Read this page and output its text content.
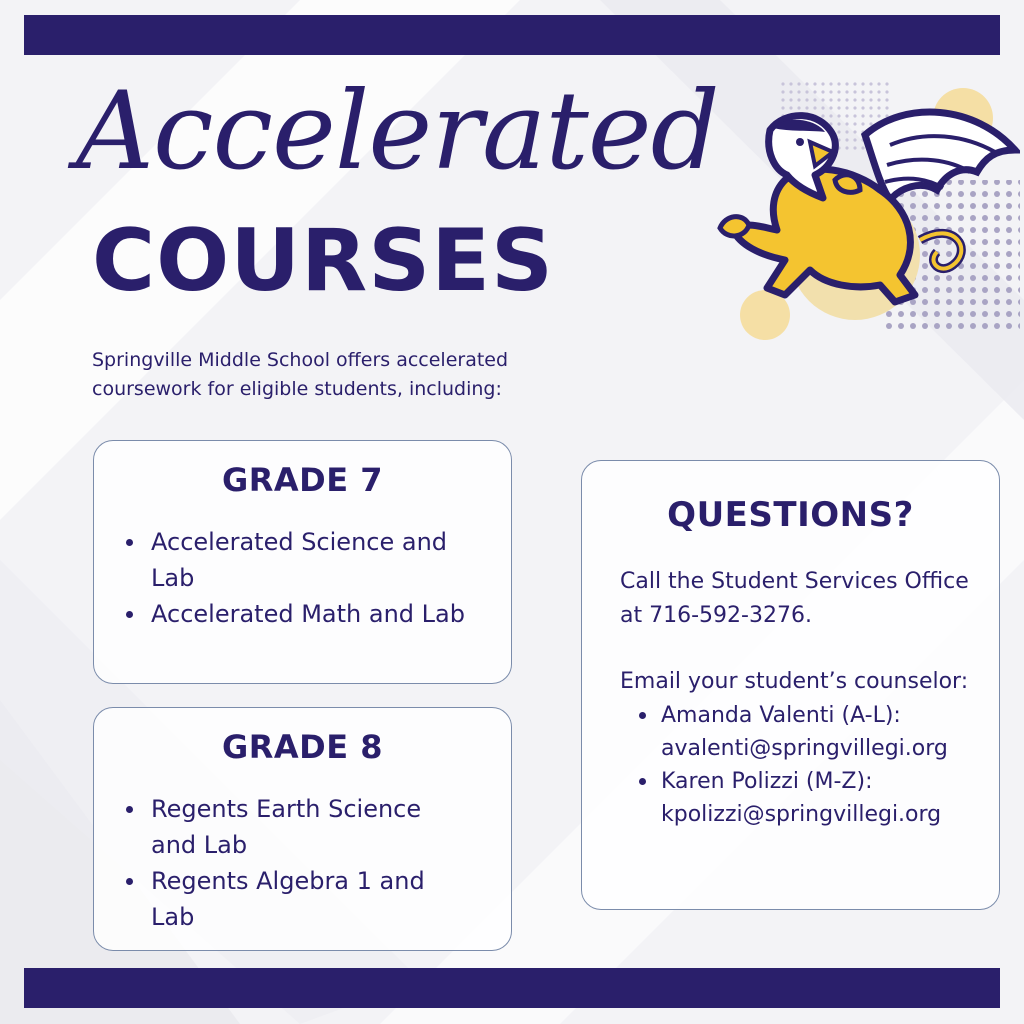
Accelerated
COURSES
Springville Middle School offers accelerated coursework for eligible students, including:
GRADE 7
Accelerated Science and Lab
Accelerated Math and Lab
GRADE 8
Regents Earth Science and Lab
Regents Algebra 1 and Lab
QUESTIONS?
Call the Student Services Office at 716-592-3276.
Email your student’s counselor:
Amanda Valenti (A-L): avalenti@springvillegi.org
Karen Polizzi (M-Z): kpolizzi@springvillegi.org
